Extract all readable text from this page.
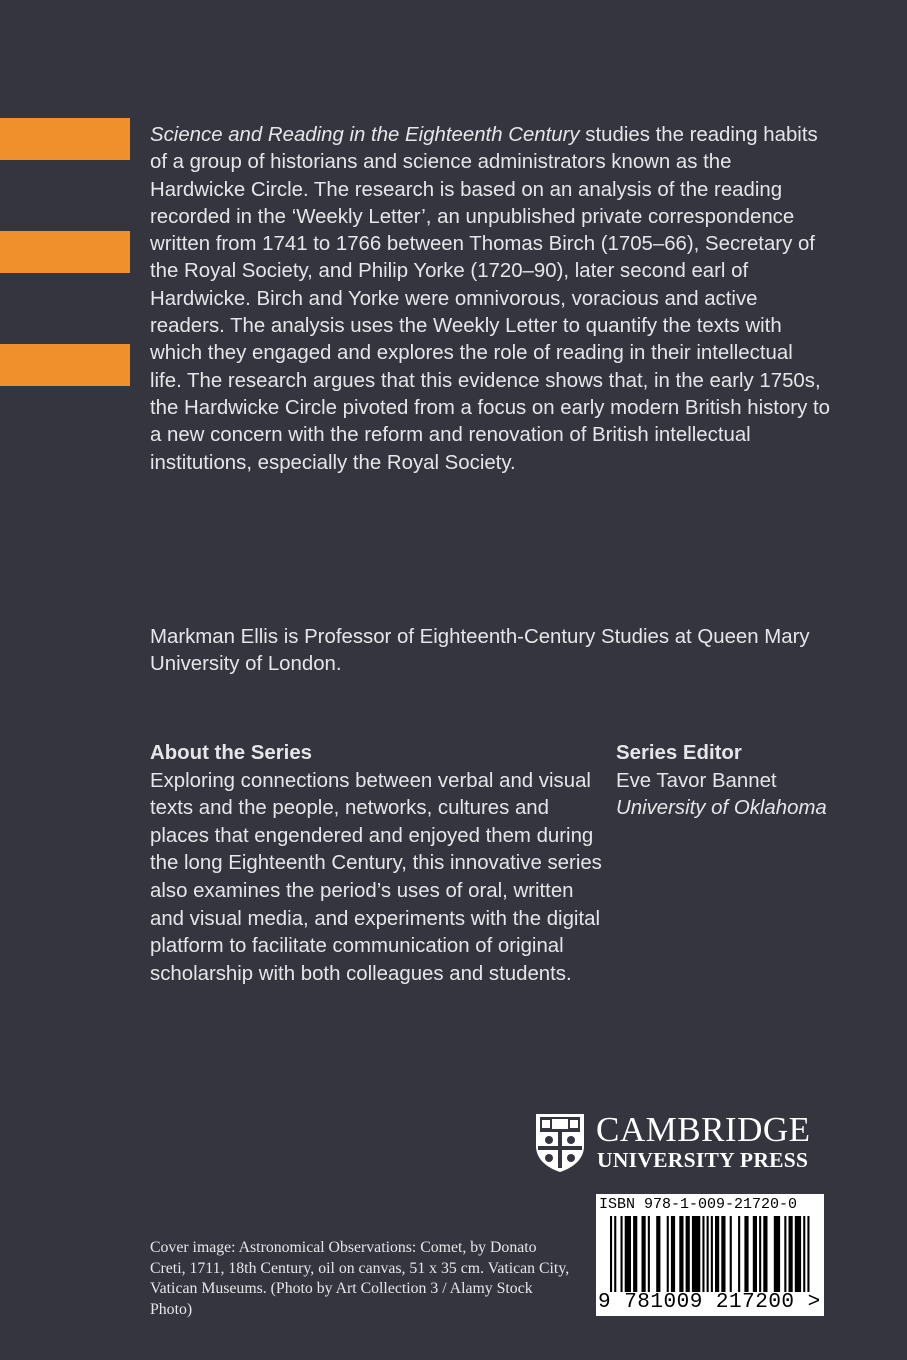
Science and Reading in the Eighteenth Century studies the reading habits of a group of historians and science administrators known as the Hardwicke Circle. The research is based on an analysis of the reading recorded in the ‘Weekly Letter’, an unpublished private correspondence written from 1741 to 1766 between Thomas Birch (1705–66), Secretary of the Royal Society, and Philip Yorke (1720–90), later second earl of Hardwicke. Birch and Yorke were omnivorous, voracious and active readers. The analysis uses the Weekly Letter to quantify the texts with which they engaged and explores the role of reading in their intellectual life. The research argues that this evidence shows that, in the early 1750s, the Hardwicke Circle pivoted from a focus on early modern British history to a new concern with the reform and renovation of British intellectual institutions, especially the Royal Society.

Markman Ellis is Professor of Eighteenth-Century Studies at Queen Mary University of London.

About the Series
Exploring connections between verbal and visual texts and the people, networks, cultures and places that engendered and enjoyed them during the long Eighteenth Century, this innovative series also examines the period’s uses of oral, written and visual media, and experiments with the digital platform to facilitate communication of original scholarship with both colleagues and students.
Series Editor
Eve Tavor Bannet
University of Oklahoma
CAMBRIDGE
UNIVERSITY PRESS
Cover image: Astronomical Observations: Comet, by Donato Creti, 1711, 18th Century, oil on canvas, 51 x 35 cm. Vatican City, Vatican Museums. (Photo by Art Collection 3 / Alamy Stock Photo)
ISBN 978-1-009-21720-0
9 781009 217200 >
